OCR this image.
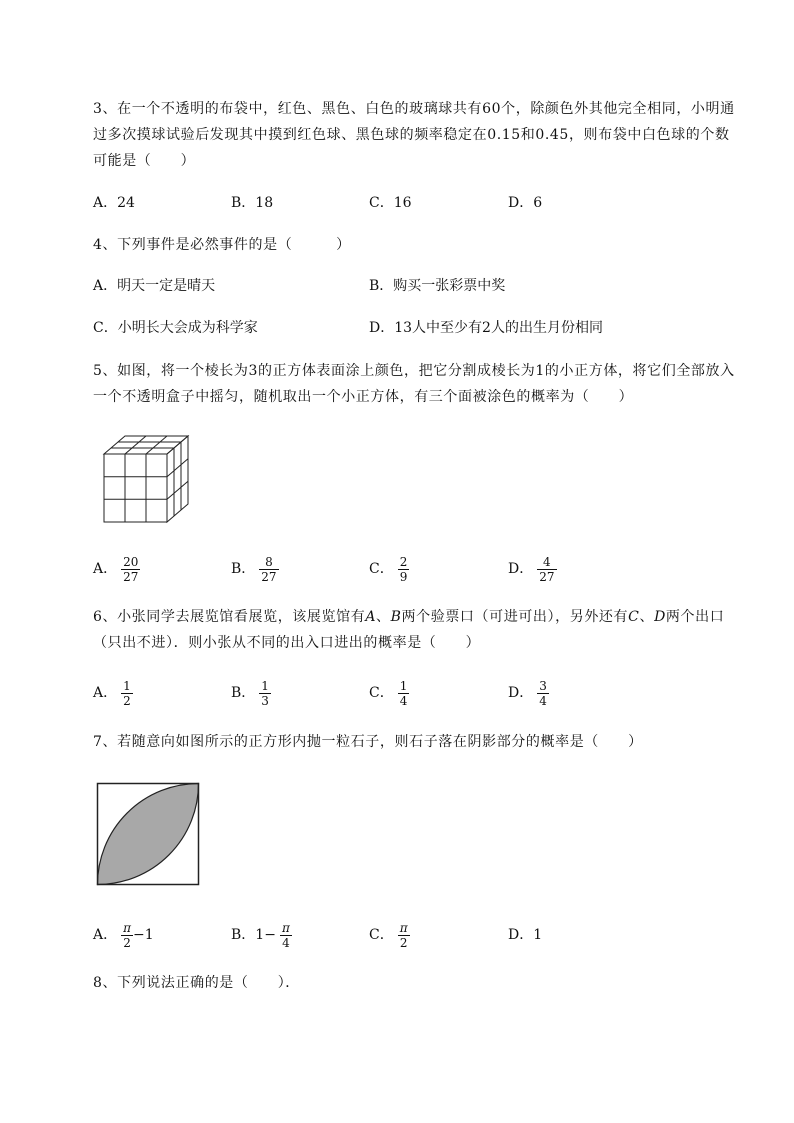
3、在一个不透明的布袋中，红色、黑色、白色的玻璃球共有60个，除颜色外其他完全相同，小明通过多次摸球试验后发现其中摸到红色球、黑色球的频率稳定在0.15和0.45，则布袋中白色球的个数可能是（　　）
A．24	B．18	C．16	D．6
4、下列事件是必然事件的是（　　　）
A．明天一定是晴天	B．购买一张彩票中奖
C．小明长大会成为科学家	D．13人中至少有2人的出生月份相同
5、如图，将一个棱长为3的正方体表面涂上颜色，把它分割成棱长为1的小正方体，将它们全部放入一个不透明盒子中摇匀，随机取出一个小正方体，有三个面被涂色的概率为（　　）
A． $\frac{20}{27}$	B． $\frac{8}{27}$	C． $\frac{2}{9}$	D． $\frac{4}{27}$
6、小张同学去展览馆看展览，该展览馆有A、B两个验票口（可进可出），另外还有C、D两个出口
（只出不进）．则小张从不同的出入口进出的概率是（　　）
A． $\frac{1}{2}$	B． $\frac{1}{3}$	C． $\frac{1}{4}$	D． $\frac{3}{4}$
7、若随意向如图所示的正方形内抛一粒石子，则石子落在阴影部分的概率是（　　）
A． $\frac{\pi}{2} -1$	B．$1- \frac{\pi}{4}$	C． $\frac{\pi}{2}$	D．1
8、下列说法正确的是（　　）．
